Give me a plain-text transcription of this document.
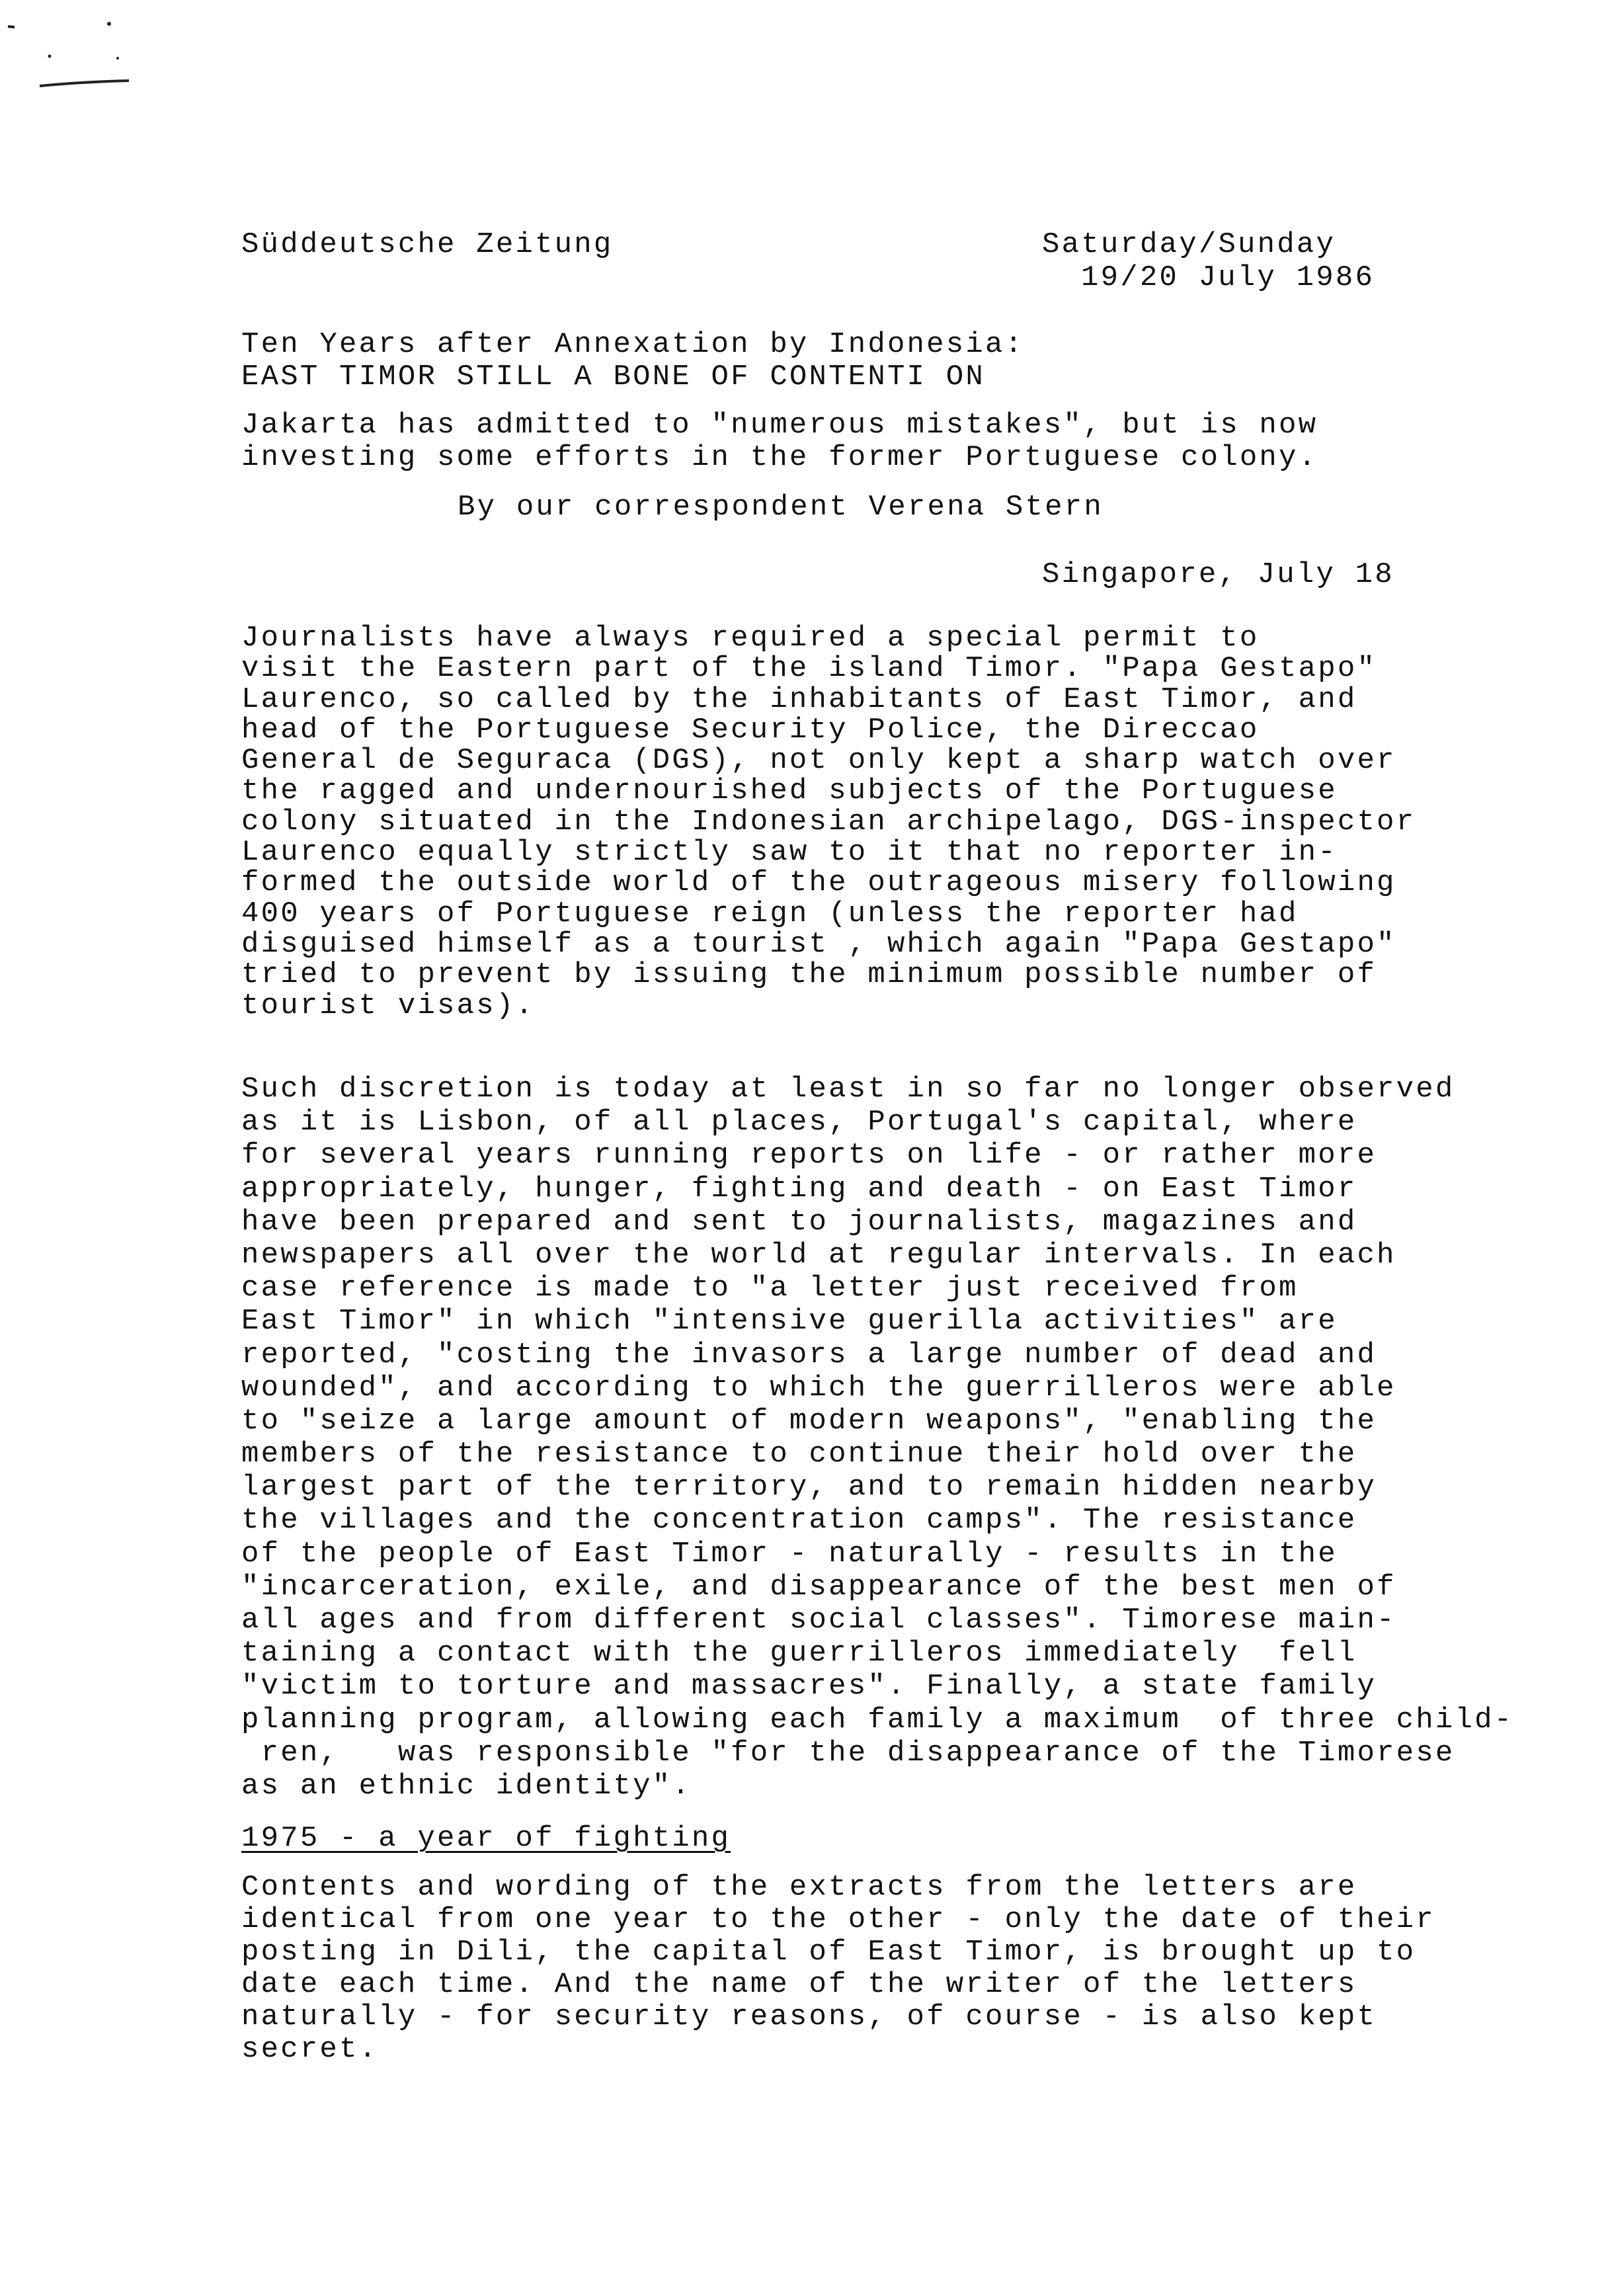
Süddeutsche Zeitung	Saturday/Sunday
19/20 July 1986
Ten Years after Annexation by Indonesia:
EAST TIMOR STILL A BONE OF CONTENTI ON
Jakarta has admitted to "numerous mistakes", but is now
investing some efforts in the former Portuguese colony.
By our correspondent Verena Stern
Singapore, July 18
Journalists have always required a special permit to
visit the Eastern part of the island Timor. "Papa Gestapo"
Laurenco, so called by the inhabitants of East Timor, and
head of the Portuguese Security Police, the Direccao
General de Seguraca (DGS), not only kept a sharp watch over
the ragged and undernourished subjects of the Portuguese
colony situated in the Indonesian archipelago, DGS-inspector
Laurenco equally strictly saw to it that no reporter in-
formed the outside world of the outrageous misery following
400 years of Portuguese reign (unless the reporter had
disguised himself as a tourist , which again "Papa Gestapo"
tried to prevent by issuing the minimum possible number of
tourist visas).
Such discretion is today at least in so far no longer observed
as it is Lisbon, of all places, Portugal's capital, where
for several years running reports on life - or rather more
appropriately, hunger, fighting and death - on East Timor
have been prepared and sent to journalists, magazines and
newspapers all over the world at regular intervals. In each
case reference is made to "a letter just received from
East Timor" in which "intensive guerilla activities" are
reported, "costing the invasors a large number of dead and
wounded", and according to which the guerrilleros were able
to "seize a large amount of modern weapons", "enabling the
members of the resistance to continue their hold over the
largest part of the territory, and to remain hidden nearby
the villages and the concentration camps". The resistance
of the people of East Timor - naturally - results in the
"incarceration, exile, and disappearance of the best men of
all ages and from different social classes". Timorese main-
taining a contact with the guerrilleros immediately  fell
"victim to torture and massacres". Finally, a state family
planning program, allowing each family a maximum  of three child-
ren,   was responsible "for the disappearance of the Timorese
as an ethnic identity".
1975 - a year of fighting
Contents and wording of the extracts from the letters are
identical from one year to the other - only the date of their
posting in Dili, the capital of East Timor, is brought up to
date each time. And the name of the writer of the letters
naturally - for security reasons, of course - is also kept
secret.
